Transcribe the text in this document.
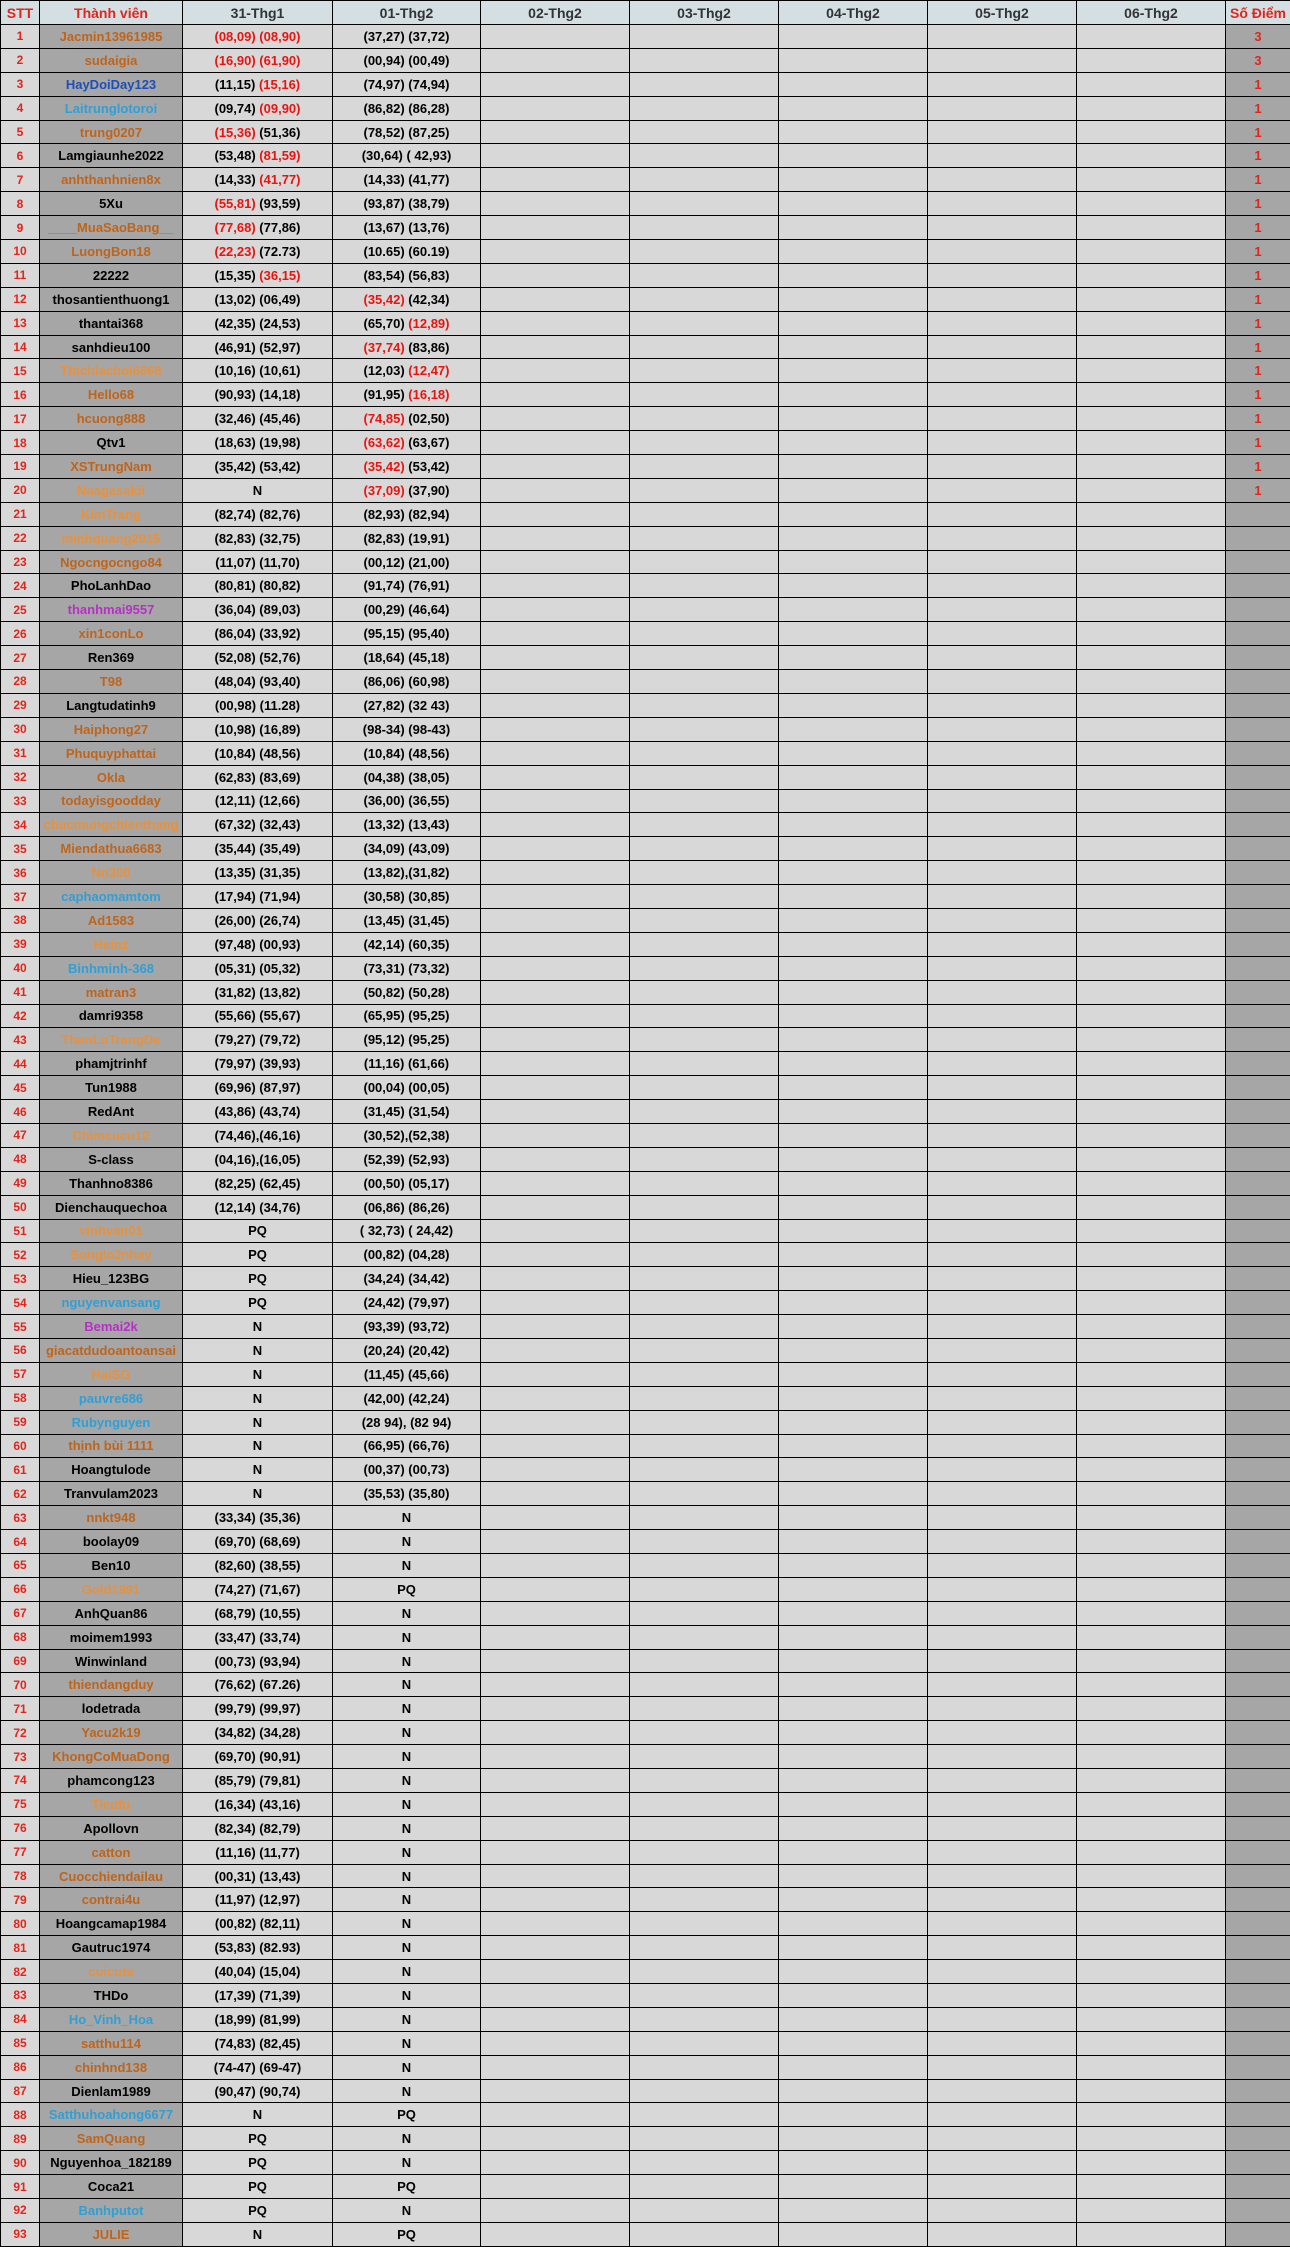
STT	Thành viên	31-Thg1	01-Thg2	02-Thg2	03-Thg2	04-Thg2	05-Thg2	06-Thg2	Số Điểm
1	Jacmin13961985	(08,09) (08,90)	(37,27) (37,72)						3
2	sudaigia	(16,90) (61,90)	(00,94) (00,49)						3
3	HayDoiDay123	(11,15) (15,16)	(74,97) (74,94)						1
4	Laitrunglotoroi	(09,74) (09,90)	(86,82) (86,28)						1
5	trung0207	(15,36) (51,36)	(78,52) (87,25)						1
6	Lamgiaunhe2022	(53,48) (81,59)	(30,64) ( 42,93)						1
7	anhthanhnien8x	(14,33) (41,77)	(14,33) (41,77)						1
8	5Xu	(55,81) (93,59)	(93,87) (38,79)						1
9	____MuaSaoBang__	(77,68) (77,86)	(13,67) (13,76)						1
10	LuongBon18	(22,23) (72.73)	(10.65) (60.19)						1
11	22222	(15,35) (36,15)	(83,54) (56,83)						1
12	thosantienthuong1	(13,02) (06,49)	(35,42) (42,34)						1
13	thantai368	(42,35) (24,53)	(65,70) (12,89)						1
14	sanhdieu100	(46,91) (52,97)	(37,74) (83,86)						1
15	Thichlachoi6868	(10,16) (10,61)	(12,03) (12,47)						1
16	Hello68	(90,93) (14,18)	(91,95) (16,18)						1
17	hcuong888	(32,46) (45,46)	(74,85) (02,50)						1
18	Qtv1	(18,63) (19,98)	(63,62) (63,67)						1
19	XSTrungNam	(35,42) (53,42)	(35,42) (53,42)						1
20	Naagasakii	N	(37,09) (37,90)						1
21	KimTrang	(82,74) (82,76)	(82,93) (82,94)						
22	minhquang2015	(82,83) (32,75)	(82,83) (19,91)						
23	Ngocngocngo84	(11,07) (11,70)	(00,12) (21,00)						
24	PhoLanhDao	(80,81) (80,82)	(91,74) (76,91)						
25	thanhmai9557	(36,04) (89,03)	(00,29) (46,64)						
26	xin1conLo	(86,04) (33,92)	(95,15) (95,40)						
27	Ren369	(52,08) (52,76)	(18,64) (45,18)						
28	T98	(48,04) (93,40)	(86,06) (60,98)						
29	Langtudatinh9	(00,98) (11.28)	(27,82) (32 43)						
30	Haiphong27	(10,98) (16,89)	(98-34) (98-43)						
31	Phuquyphattai	(10,84) (48,56)	(10,84) (48,56)						
32	Okla	(62,83) (83,69)	(04,38) (38,05)						
33	todayisgoodday	(12,11) (12,66)	(36,00) (36,55)						
34	chucmungchienthang	(67,32) (32,43)	(13,32) (13,43)						
35	Miendathua6683	(35,44) (35,49)	(34,09) (43,09)						
36	Nn300	(13,35) (31,35)	(13,82),(31,82)						
37	caphaomamtom	(17,94) (71,94)	(30,58) (30,85)						
38	Ad1583	(26,00) (26,74)	(13,45) (31,45)						
39	Heinz	(97,48) (00,93)	(42,14) (60,35)						
40	Binhminh-368	(05,31) (05,32)	(73,31) (73,32)						
41	matran3	(31,82) (13,82)	(50,82) (50,28)						
42	damri9358	(55,66) (55,67)	(65,95) (95,25)						
43	ThanLoTrangDe	(79,27) (79,72)	(95,12) (95,25)						
44	phamjtrinhf	(79,97) (39,93)	(11,16) (61,66)						
45	Tun1988	(69,96) (87,97)	(00,04) (00,05)						
46	RedAnt	(43,86) (43,74)	(31,45) (31,54)						
47	Chimcucu12	(74,46),(46,16)	(30,52),(52,38)						
48	S-class	(04,16),(16,05)	(52,39) (52,93)						
49	Thanhno8386	(82,25) (62,45)	(00,50) (05,17)						
50	Dienchauquechoa	(12,14) (34,76)	(06,86) (86,26)						
51	vinhvan01	PQ	( 32,73) ( 24,42)						
52	Songlo2nhay	PQ	(00,82) (04,28)						
53	Hieu_123BG	PQ	(34,24) (34,42)						
54	nguyenvansang	PQ	(24,42) (79,97)						
55	Bemai2k	N	(93,39) (93,72)						
56	giacatdudoantoansai	N	(20,24) (20,42)						
57	HaiSG	N	(11,45) (45,66)						
58	pauvre686	N	(42,00) (42,24)						
59	Rubynguyen	N	(28 94), (82 94)						
60	thịnh bùi 1111	N	(66,95) (66,76)						
61	Hoangtulode	N	(00,37) (00,73)						
62	Tranvulam2023	N	(35,53) (35,80)						
63	nnkt948	(33,34) (35,36)	N						
64	boolay09	(69,70) (68,69)	N						
65	Ben10	(82,60) (38,55)	N						
66	Gold1991	(74,27) (71,67)	PQ						
67	AnhQuan86	(68,79) (10,55)	N						
68	moimem1993	(33,47) (33,74)	N						
69	Winwinland	(00,73) (93,94)	N						
70	thiendangduy	(76,62) (67.26)	N						
71	lodetrada	(99,79) (99,97)	N						
72	Yacu2k19	(34,82) (34,28)	N						
73	KhongCoMuaDong	(69,70) (90,91)	N						
74	phamcong123	(85,79) (79,81)	N						
75	Tieufu	(16,34) (43,16)	N						
76	Apollovn	(82,34) (82,79)	N						
77	catton	(11,16) (11,77)	N						
78	Cuocchiendailau	(00,31) (13,43)	N						
79	contrai4u	(11,97) (12,97)	N						
80	Hoangcamap1984	(00,82) (82,11)	N						
81	Gautruc1974	(53,83) (82.93)	N						
82	cuicute	(40,04) (15,04)	N						
83	THDo	(17,39) (71,39)	N						
84	Ho_Vinh_Hoa	(18,99) (81,99)	N						
85	satthu114	(74,83) (82,45)	N						
86	chinhnd138	(74-47) (69-47)	N						
87	Dienlam1989	(90,47) (90,74)	N						
88	Satthuhoahong6677	N	PQ						
89	SamQuang	PQ	N						
90	Nguyenhoa_182189	PQ	N						
91	Coca21	PQ	PQ						
92	Banhputot	PQ	N						
93	JULIE	N	PQ						
